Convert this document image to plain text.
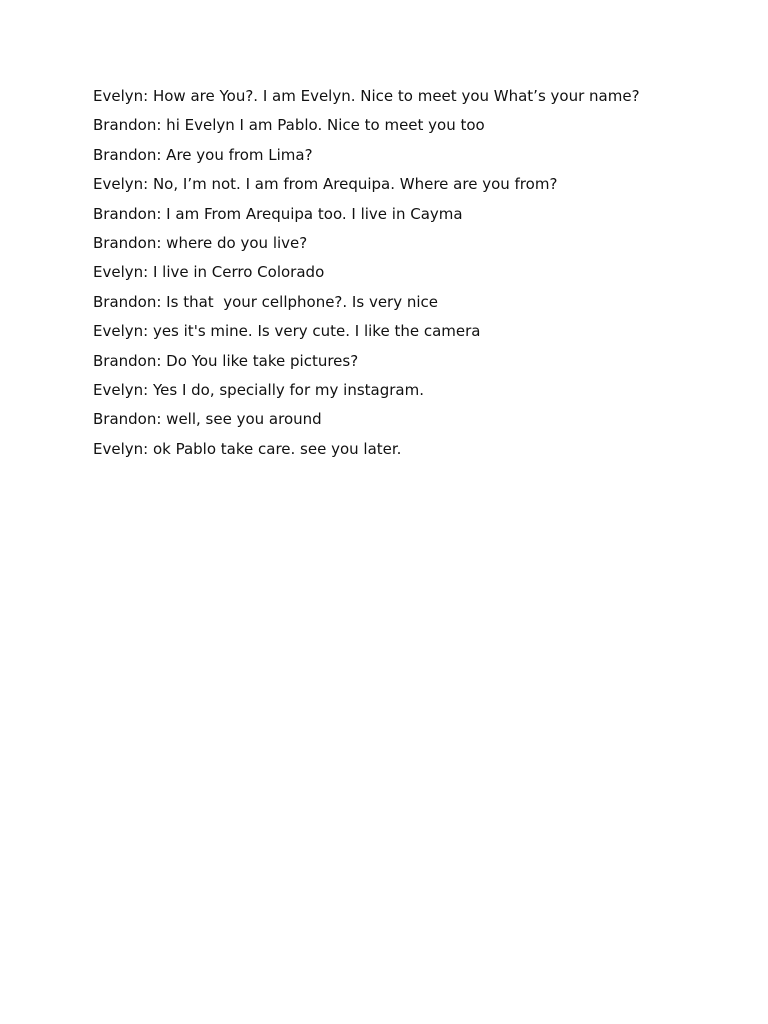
Evelyn: How are You?. I am Evelyn. Nice to meet you What’s your name?

Brandon: hi Evelyn I am Pablo. Nice to meet you too

Brandon: Are you from Lima?

Evelyn: No, I’m not. I am from Arequipa. Where are you from?

Brandon: I am From Arequipa too. I live in Cayma

Brandon: where do you live?

Evelyn: I live in Cerro Colorado

Brandon: Is that  your cellphone?. Is very nice

Evelyn: yes it's mine. Is very cute. I like the camera

Brandon: Do You like take pictures?

Evelyn: Yes I do, specially for my instagram.

Brandon: well, see you around

Evelyn: ok Pablo take care. see you later.
